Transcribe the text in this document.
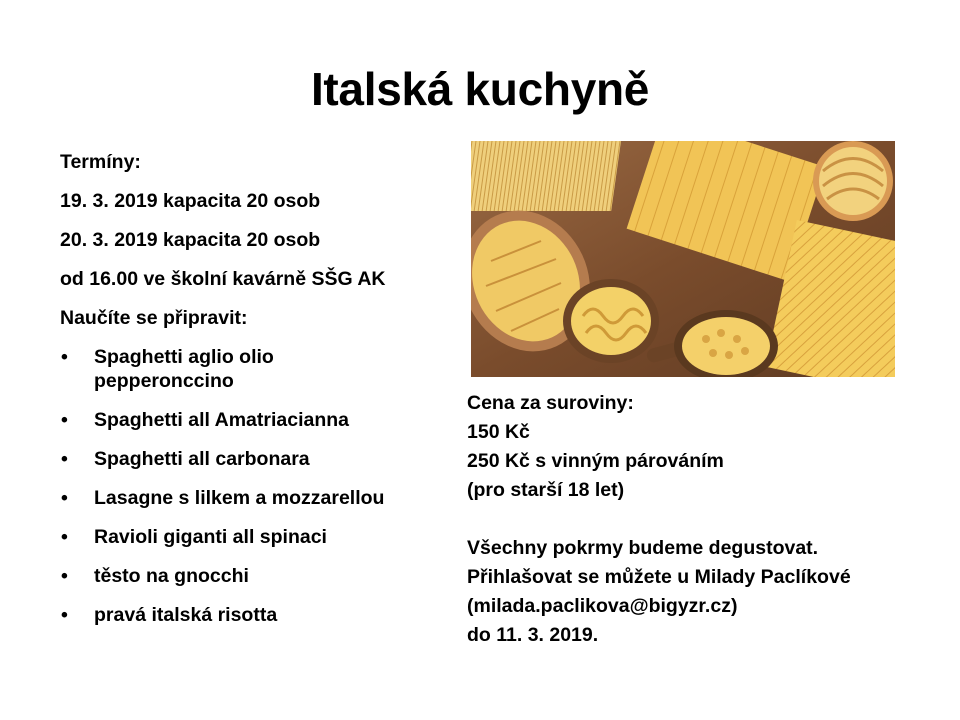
Italská kuchyně

Termíny:

19. 3. 2019 kapacita 20 osob

20. 3. 2019 kapacita 20 osob

od 16.00 ve školní kavárně SŠG AK

Naučíte se připravit:

• Spaghetti aglio olio
pepperonccino
• Spaghetti all Amatriacianna
• Spaghetti all carbonara
• Lasagne s lilkem a mozzarellou
• Ravioli giganti all spinaci
• těsto na gnocchi
• pravá italská risotta

Cena za suroviny:

150 Kč

250 Kč s vinným párováním

(pro starší 18 let)

Všechny pokrmy budeme degustovat.

Přihlašovat se můžete u Milady Paclíkové

(milada.paclikova@bigyzr.cz)

do 11. 3. 2019.
